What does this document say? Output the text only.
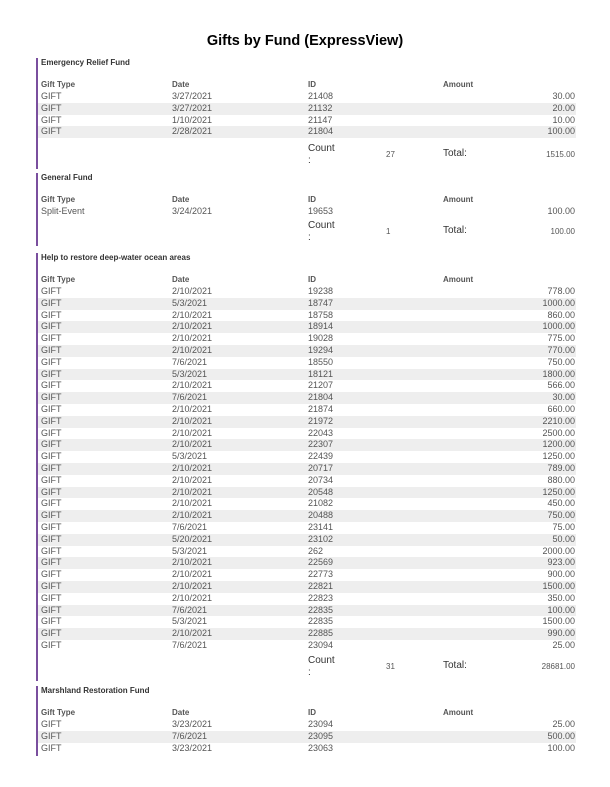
Gifts by Fund (ExpressView)
Emergency Relief Fund
Gift Type	Date	ID	Amount
GIFT	3/27/2021	21408	30.00
GIFT	3/27/2021	21132	20.00
GIFT	1/10/2021	21147	10.00
GIFT	2/28/2021	21804	100.00
Count
:
27	Total:	1515.00
General Fund
Gift Type	Date	ID	Amount
Split-Event	3/24/2021	19653	100.00
Count
:
1	Total:	100.00
Help to restore deep-water ocean areas
Gift Type	Date	ID	Amount
GIFT	2/10/2021	19238	778.00
GIFT	5/3/2021	18747	1000.00
GIFT	2/10/2021	18758	860.00
GIFT	2/10/2021	18914	1000.00
GIFT	2/10/2021	19028	775.00
GIFT	2/10/2021	19294	770.00
GIFT	7/6/2021	18550	750.00
GIFT	5/3/2021	18121	1800.00
GIFT	2/10/2021	21207	566.00
GIFT	7/6/2021	21804	30.00
GIFT	2/10/2021	21874	660.00
GIFT	2/10/2021	21972	2210.00
GIFT	2/10/2021	22043	2500.00
GIFT	2/10/2021	22307	1200.00
GIFT	5/3/2021	22439	1250.00
GIFT	2/10/2021	20717	789.00
GIFT	2/10/2021	20734	880.00
GIFT	2/10/2021	20548	1250.00
GIFT	2/10/2021	21082	450.00
GIFT	2/10/2021	20488	750.00
GIFT	7/6/2021	23141	75.00
GIFT	5/20/2021	23102	50.00
GIFT	5/3/2021	262	2000.00
GIFT	2/10/2021	22569	923.00
GIFT	2/10/2021	22773	900.00
GIFT	2/10/2021	22821	1500.00
GIFT	2/10/2021	22823	350.00
GIFT	7/6/2021	22835	100.00
GIFT	5/3/2021	22835	1500.00
GIFT	2/10/2021	22885	990.00
GIFT	7/6/2021	23094	25.00
Count
:
31	Total:	28681.00
Marshland Restoration Fund
Gift Type	Date	ID	Amount
GIFT	3/23/2021	23094	25.00
GIFT	7/6/2021	23095	500.00
GIFT	3/23/2021	23063	100.00
